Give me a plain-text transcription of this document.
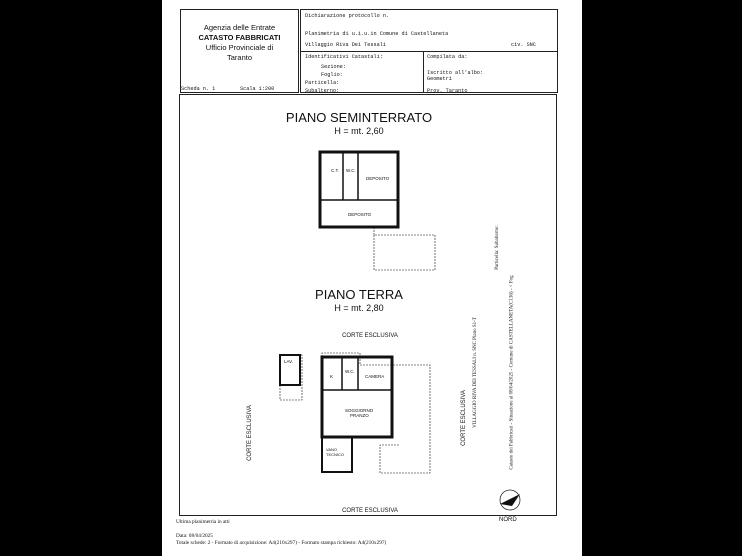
Agenzia delle Entrate
CATASTO FABBRICATI
Ufficio Provinciale di
Taranto
Dichiarazione protocollo n.
Planimetria di u.i.u.in Comune di Castellaneta
Villaggio Riva Dei Tessali	civ. SNC
Identificativi Catastali:
Sezione:
Foglio:
Particella:
Subalterno:
Compilata da:
Iscritto all'albo:
Geometri
Prov. Taranto
Scheda n. 1	Scala 1:200
PIANO SEMINTERRATO
H = mt. 2,60
PIANO TERRA
H = mt. 2,80
C.T. W.C.
DEPOSITO
DEPOSITO
CORTE ESCLUSIVA
CORTE ESCLUSIVA
CORTE ESCLUSIVA	CORTE ESCLUSIVA
LAV.
K
W.C.
CAMERA
SOGGIORNO
PRANZO
VANO
TECNICO
NORD
Ultima planimetria in atti
Data: 08/04/2025
Totale schede: 2 - Formato di acquisizione: A4(210x297) - Formato stampa richiesto: A4(210x297)
Catasto dei Fabbricati - Situazione al 08/04/2025 - Comune di CASTELLANETA(C136) - < Fog
VILLAGGIO RIVA DEI TESSALI n. SNC Piano S1-T
Particella: Subalterno:
